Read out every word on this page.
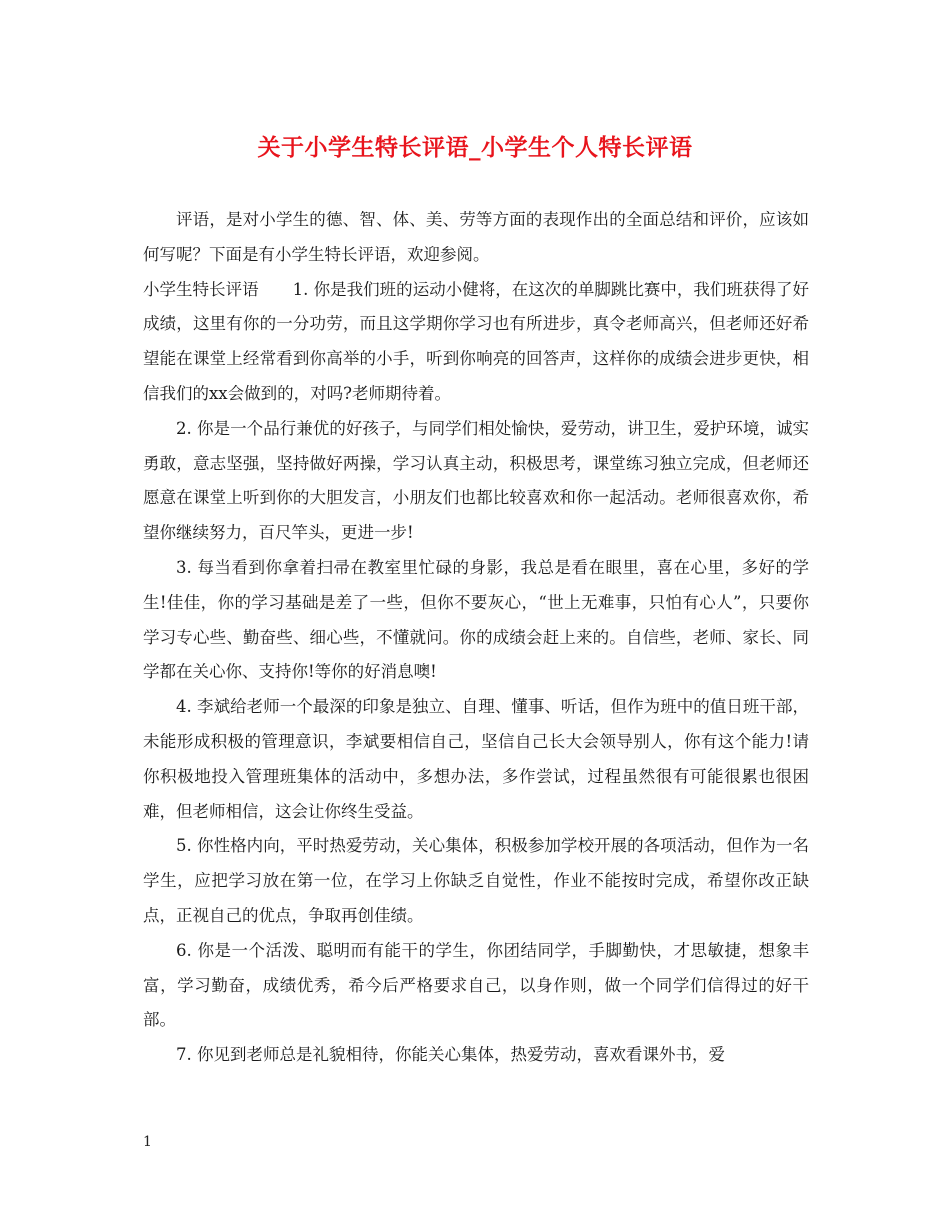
关于小学生特长评语_小学生个人特长评语

评语，是对小学生的德、智、体、美、劳等方面的表现作出的全面总结和评价，应该如何写呢？下面是有小学生特长评语，欢迎参阅。

小学生特长评语 1. 你是我们班的运动小健将，在这次的单脚跳比赛中，我们班获得了好成绩，这里有你的一分功劳，而且这学期你学习也有所进步，真令老师高兴，但老师还好希望能在课堂上经常看到你高举的小手，听到你响亮的回答声，这样你的成绩会进步更快，相信我们的xx会做到的，对吗?老师期待着。

2. 你是一个品行兼优的好孩子，与同学们相处愉快，爱劳动，讲卫生，爱护环境，诚实勇敢，意志坚强，坚持做好两操，学习认真主动，积极思考，课堂练习独立完成，但老师还愿意在课堂上听到你的大胆发言，小朋友们也都比较喜欢和你一起活动。老师很喜欢你，希望你继续努力，百尺竿头，更进一步!

3. 每当看到你拿着扫帚在教室里忙碌的身影，我总是看在眼里，喜在心里，多好的学生!佳佳，你的学习基础是差了一些，但你不要灰心，“世上无难事，只怕有心人”，只要你学习专心些、勤奋些、细心些，不懂就问。你的成绩会赶上来的。自信些，老师、家长、同学都在关心你、支持你!等你的好消息噢!

4. 李斌给老师一个最深的印象是独立、自理、懂事、听话，但作为班中的值日班干部，未能形成积极的管理意识，李斌要相信自己，坚信自己长大会领导别人，你有这个能力!请你积极地投入管理班集体的活动中，多想办法，多作尝试，过程虽然很有可能很累也很困难，但老师相信，这会让你终生受益。

5. 你性格内向，平时热爱劳动，关心集体，积极参加学校开展的各项活动，但作为一名学生，应把学习放在第一位，在学习上你缺乏自觉性，作业不能按时完成，希望你改正缺点，正视自己的优点，争取再创佳绩。

6. 你是一个活泼、聪明而有能干的学生，你团结同学，手脚勤快，才思敏捷，想象丰富，学习勤奋，成绩优秀，希今后严格要求自己，以身作则，做一个同学们信得过的好干部。

7. 你见到老师总是礼貌相待，你能关心集体，热爱劳动，喜欢看课外书，爱

1
